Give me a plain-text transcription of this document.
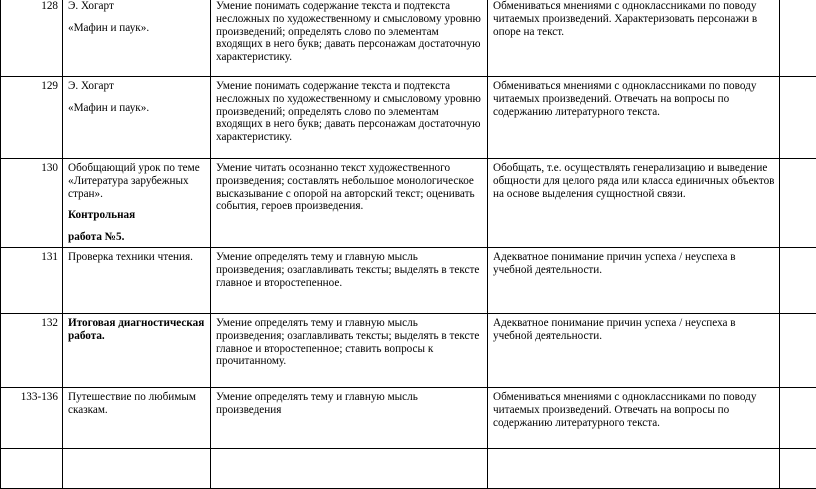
128	Э. Хогарт

«Мафин и паук».	Умение понимать содержание текста и подтекста несложных по художественному и смысловому уровню произведений; определять слово по элементам входящих в него букв; давать персонажам достаточную характеристику.	Обмениваться мнениями с одноклассниками по поводу читаемых произведений. Характеризовать персонажи в опоре на текст.	
129	Э. Хогарт

«Мафин и паук».	Умение понимать содержание текста и подтекста несложных по художественному и смысловому уровню произведений; определять слово по элементам входящих в него букв; давать персонажам достаточную характеристику.	Обмениваться мнениями с одноклассниками по поводу читаемых произведений. Отвечать на вопросы по содержанию литературного текста.	
130	Обобщающий урок по теме «Литература зарубежных стран».

Контрольная

работа №5.	Умение читать осознанно текст художественного произведения; составлять небольшое монологическое высказывание с опорой на авторский текст; оценивать события, героев произведения.	Обобщать, т.е. осуществлять генерализацию и выведение общности для целого ряда или класса единичных объектов на основе выделения сущностной связи.	
131	Проверка техники чтения.	Умение определять тему и главную мысль произведения; озаглавливать тексты; выделять в тексте главное и второстепенное.	Адекватное понимание причин успеха / неуспеха в учебной деятельности.	
132	Итоговая диагностическая работа.	Умение определять тему и главную мысль произведения; озаглавливать тексты; выделять в тексте главное и второстепенное; ставить вопросы к прочитанному.	Адекватное понимание причин успеха / неуспеха в учебной деятельности.	
133-136	Путешествие по любимым сказкам.	Умение определять тему и главную мысль произведения	Обмениваться мнениями с одноклассниками по поводу читаемых произведений. Отвечать на вопросы по содержанию литературного текста.	
